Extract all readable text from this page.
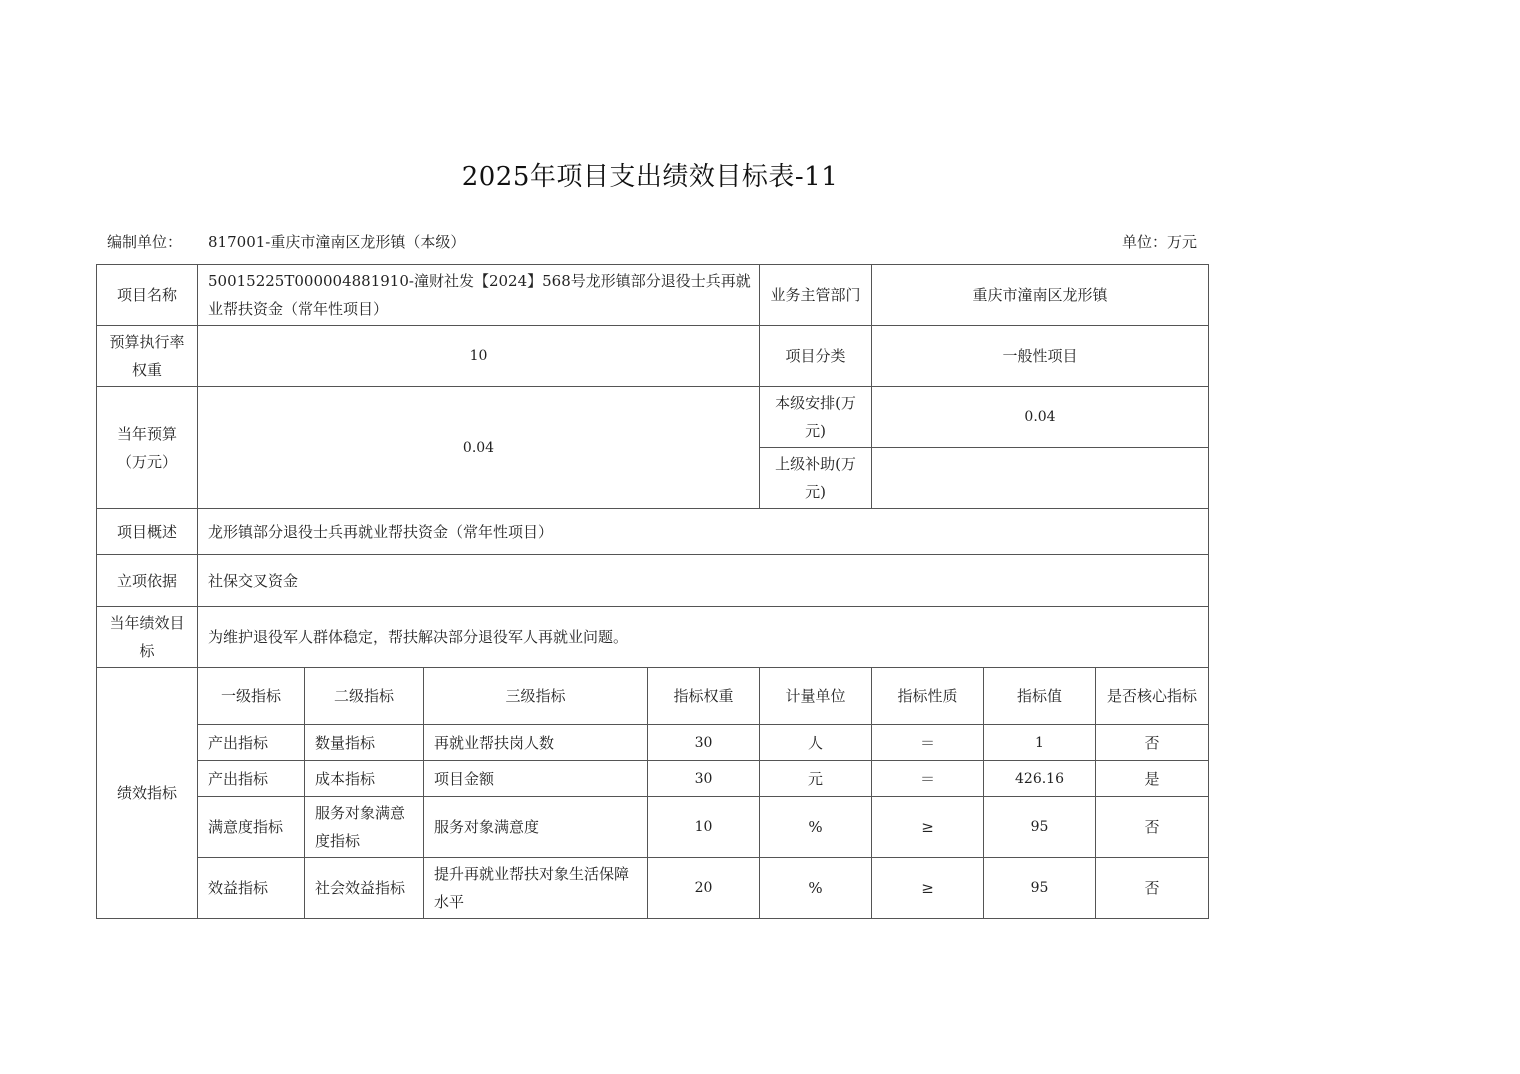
2025年项目支出绩效目标表-11
编制单位： 817001-重庆市潼南区龙形镇（本级）	单位：万元
项目名称	50015225T000004881910-潼财社发【2024】568号龙形镇部分退役士兵再就业帮扶资金（常年性项目）				业务主管部门	重庆市潼南区龙形镇		
预算执行率权重	10				项目分类	一般性项目		
当年预算（万元）	0.04				本级安排(万元)	0.04		
					上级补助(万元)			
项目概述	龙形镇部分退役士兵再就业帮扶资金（常年性项目）							
立项依据	社保交叉资金							
当年绩效目标	为维护退役军人群体稳定，帮扶解决部分退役军人再就业问题。							
绩效指标	一级指标	二级指标	三级指标	指标权重	计量单位	指标性质	指标值	是否核心指标
	产出指标	数量指标	再就业帮扶岗人数	30	人	＝	1	否
	产出指标	成本指标	项目金额	30	元	＝	426.16	是
	满意度指标	服务对象满意度指标	服务对象满意度	10	%	≥	95	否
	效益指标	社会效益指标	提升再就业帮扶对象生活保障水平	20	%	≥	95	否
